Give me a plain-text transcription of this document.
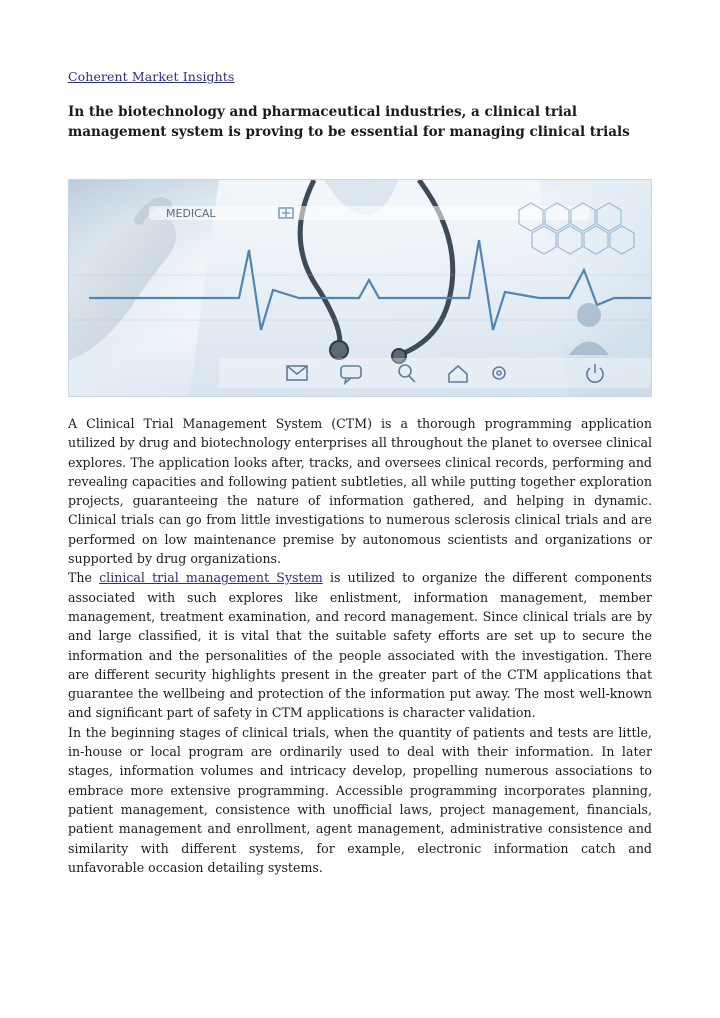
Coherent Market Insights
In the biotechnology and pharmaceutical industries, a clinical trial management system is proving to be essential for managing clinical trials
MEDICAL

A Clinical Trial Management System (CTM) is a thorough programming application utilized by drug and biotechnology enterprises all throughout the planet to oversee clinical explores. The application looks after, tracks, and oversees clinical records, performing and revealing capacities and following patient subtleties, all while putting together exploration projects, guaranteeing the nature of information gathered, and helping in dynamic. Clinical trials can go from little investigations to numerous sclerosis clinical trials and are performed on low maintenance premise by autonomous scientists and organizations or supported by drug organizations.

The clinical trial management System is utilized to organize the different components associated with such explores like enlistment, information management, member management, treatment examination, and record management. Since clinical trials are by and large classified, it is vital that the suitable safety efforts are set up to secure the information and the personalities of the people associated with the investigation. There are different security highlights present in the greater part of the CTM applications that guarantee the wellbeing and protection of the information put away. The most well-known and significant part of safety in CTM applications is character validation.

In the beginning stages of clinical trials, when the quantity of patients and tests are little, in-house or local program are ordinarily used to deal with their information. In later stages, information volumes and intricacy develop, propelling numerous associations to embrace more extensive programming. Accessible programming incorporates planning, patient management, consistence with unofficial laws, project management, financials, patient management and enrollment, agent management, administrative consistence and similarity with different systems, for example, electronic information catch and unfavorable occasion detailing systems.
